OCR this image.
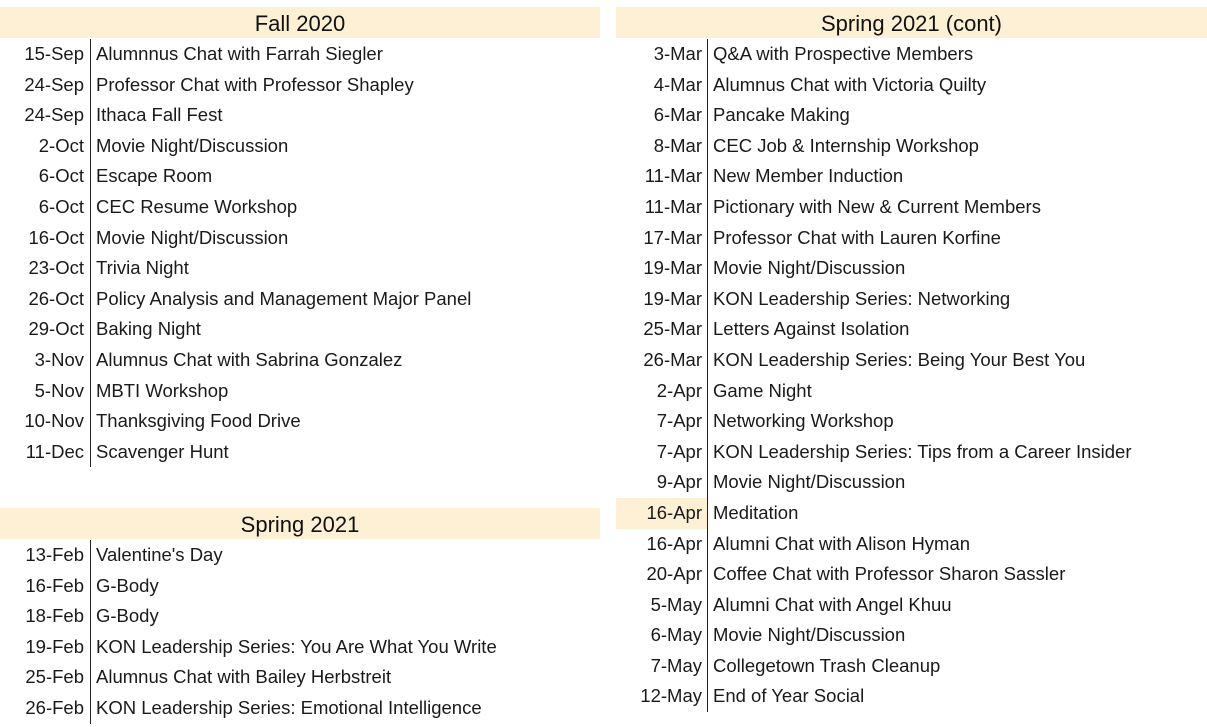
Fall 2020
15-Sep Alumnnus Chat with Farrah Siegler
24-Sep Professor Chat with Professor Shapley
24-Sep Ithaca Fall Fest
2-Oct Movie Night/Discussion
6-Oct Escape Room
6-Oct CEC Resume Workshop
16-Oct Movie Night/Discussion
23-Oct Trivia Night
26-Oct Policy Analysis and Management Major Panel
29-Oct Baking Night
3-Nov Alumnus Chat with Sabrina Gonzalez
5-Nov MBTI Workshop
10-Nov Thanksgiving Food Drive
11-Dec Scavenger Hunt
Spring 2021
13-Feb Valentine's Day
16-Feb G-Body
18-Feb G-Body
19-Feb KON Leadership Series: You Are What You Write
25-Feb Alumnus Chat with Bailey Herbstreit
26-Feb KON Leadership Series: Emotional Intelligence
Spring 2021 (cont)
3-Mar Q&A with Prospective Members
4-Mar Alumnus Chat with Victoria Quilty
6-Mar Pancake Making
8-Mar CEC Job & Internship Workshop
11-Mar New Member Induction
11-Mar Pictionary with New & Current Members
17-Mar Professor Chat with Lauren Korfine
19-Mar Movie Night/Discussion
19-Mar KON Leadership Series: Networking
25-Mar Letters Against Isolation
26-Mar KON Leadership Series: Being Your Best You
2-Apr Game Night
7-Apr Networking Workshop
7-Apr KON Leadership Series: Tips from a Career Insider
9-Apr Movie Night/Discussion
16-Apr Meditation
16-Apr Alumni Chat with Alison Hyman
20-Apr Coffee Chat with Professor Sharon Sassler
5-May Alumni Chat with Angel Khuu
6-May Movie Night/Discussion
7-May Collegetown Trash Cleanup
12-May End of Year Social
